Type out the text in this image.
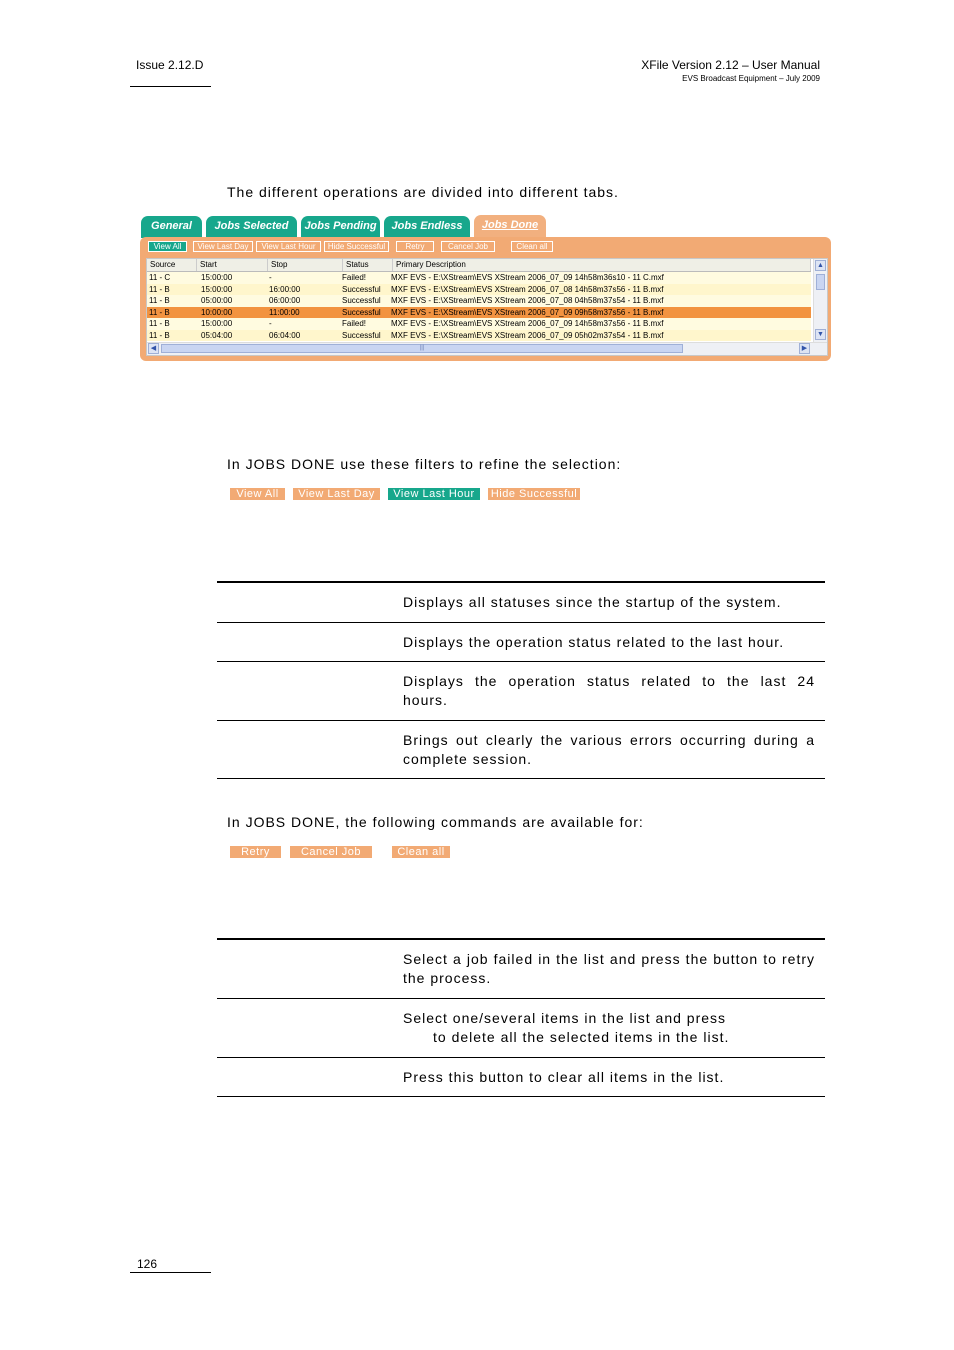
Issue 2.12.D	XFile Version 2.12 – User Manual
EVS Broadcast Equipment – July 2009
The different operations are divided into different tabs.
General	Jobs Selected	Jobs Pending	Jobs Endless	Jobs Done
View All	View Last Day	View Last Hour	Hide Successful	Retry	Cancel Job	Clean all
Source	Start	Stop	Status	Primary Description
11 - C	15:00:00	-	Failed!	MXF EVS - E:\XStream\EVS XStream 2006_07_09 14h58m36s10 - 11 C.mxf
11 - B	15:00:00	16:00:00	Successful MXF EVS - E:\XStream\EVS XStream 2006_07_08 14h58m37s56 - 11 B.mxf
11 - B	05:00:00	06:00:00	Successful MXF EVS - E:\XStream\EVS XStream 2006_07_08 04h58m37s54 - 11 B.mxf
11 - B	10:00:00	11:00:00	Successful MXF EVS - E:\XStream\EVS XStream 2006_07_09 09h58m37s56 - 11 B.mxf
11 - B	15:00:00	-	Failed!	MXF EVS - E:\XStream\EVS XStream 2006_07_09 14h58m37s56 - 11 B.mxf
11 - B	05:04:00	06:04:00	Successful MXF EVS - E:\XStream\EVS XStream 2006_07_09 05h02m37s54 - 11 B.mxf
▲
▼
◀	|||	▶
In JOBS DONE use these filters to refine the selection:
View All	View Last Day	View Last Hour	Hide Successful
Displays all statuses since the startup of the system.
Displays the operation status related to the last hour.
Displays the operation status related to the last 24 hours.
Brings out clearly the various errors occurring during a complete session.
In JOBS DONE, the following commands are available for:
Retry	Cancel Job	Clean all
Select a job failed in the list and press the button to retry the process.
Select one/several items in the list and press
to delete all the selected items in the list.
Press this button to clear all items in the list.
126
